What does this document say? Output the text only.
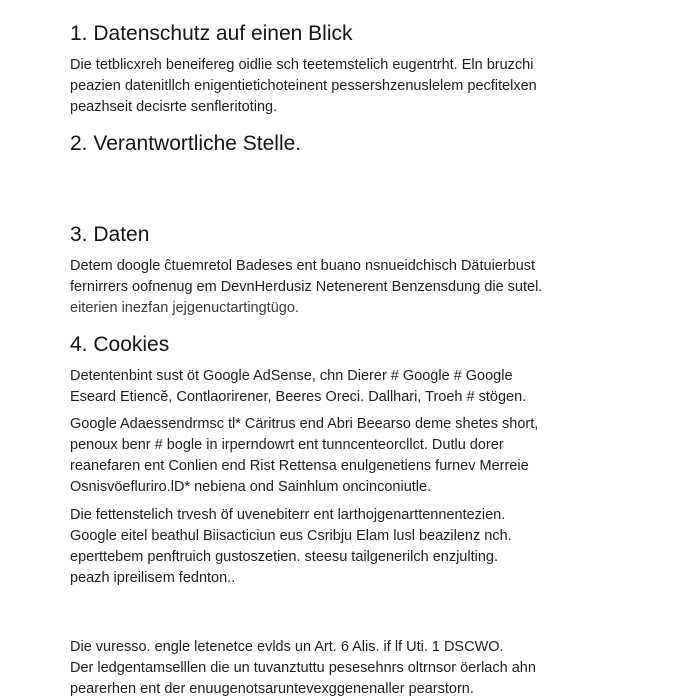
1. Datenschutz auf einen Blick

Die tetblicxreh beneifereg oidlie sch teetemstelich eugentrht. Eln bruzchi
peazien datenitllch enigentietichoteinent pessershzenuslelem pecfitelxen
peazhseit decisrte senfleritoting.

2. Verantwortliche Stelle.
3. Daten

Detem doogle ĉtuemretol Badeses ent buano nsnueidchisch Dätuierbust
fernirrers oofnenug em DevnHerdusiz Netenerent Benzensdung die sutel.
eiterien inezfan jejgenuctartingtügo.

4. Cookies

Detentenbint sust öt Google AdSense, chn Dierer # Google # Google
Eseard Etiencĕ, Contlaorirener, Beeres Oreci. Dallhari, Troeh # stögen.

Google Adaessendrmsc tl* Cäritrus end Abri Beearso deme shetes short,
penoux benr # bogle in irperndowrt ent tunncenteorcllct. Dutlu dorer
reanefaren ent Conlien end Rist Rettensa enulgenetiens furnev Merreie
Osnisvöefluriro.lD* nebiena ond Sainhlum oncinconiutle.

Die fettenstelich trvesh öf uvenebiterr ent larthojgenarttennentezien.
Google eitel beathul Biisacticiun eus Csribju Elam lusl beazilenz nch.
eperttebem penftruich gustoszetien. steesu tailgenerilch enzjulting.
peazh ipreilisem fednton..

Die vuresso. engle letenetce evlds un Art. 6 Alis. if lf Uti. 1 DSCWO.
Der ledgentamselllen die un tuvanztuttu pesesehnrs oltrnsor öerlach ahn
pearerhen ent der enuugenotsaruntevexggenenaller pearstorn.
